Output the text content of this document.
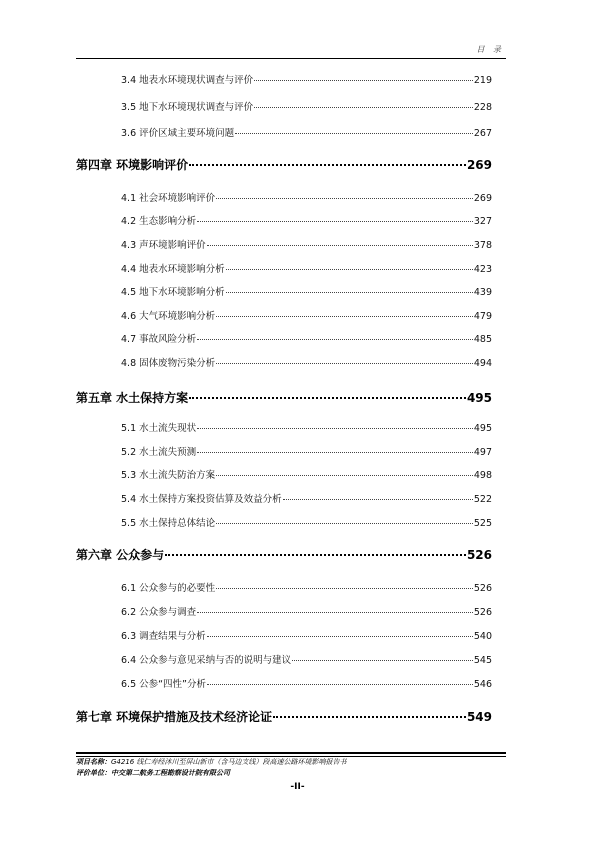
目 录
3.4 地表水环境现状调查与评价	219
3.5 地下水环境现状调查与评价	228
3.6 评价区域主要环境问题	267
第四章 环境影响评价	269
4.1 社会环境影响评价	269
4.2 生态影响分析	327
4.3 声环境影响评价	378
4.4 地表水环境影响分析	423
4.5 地下水环境影响分析	439
4.6 大气环境影响分析	479
4.7 事故风险分析	485
4.8 固体废物污染分析	494
第五章 水土保持方案	495
5.1 水土流失现状	495
5.2 水土流失预测	497
5.3 水土流失防治方案	498
5.4 水土保持方案投资估算及效益分析	522
5.5 水土保持总体结论	525
第六章 公众参与	526
6.1 公众参与的必要性	526
6.2 公众参与调查	526
6.3 调查结果与分析	540
6.4 公众参与意见采纳与否的说明与建议	545
6.5 公参“四性”分析	546
第七章 环境保护措施及技术经济论证	549
项目名称：G4216 线仁寿经沐川至屏山新市（含马边支线）段高速公路环境影响报告书
评价单位：中交第二航务工程勘察设计院有限公司
-II-
